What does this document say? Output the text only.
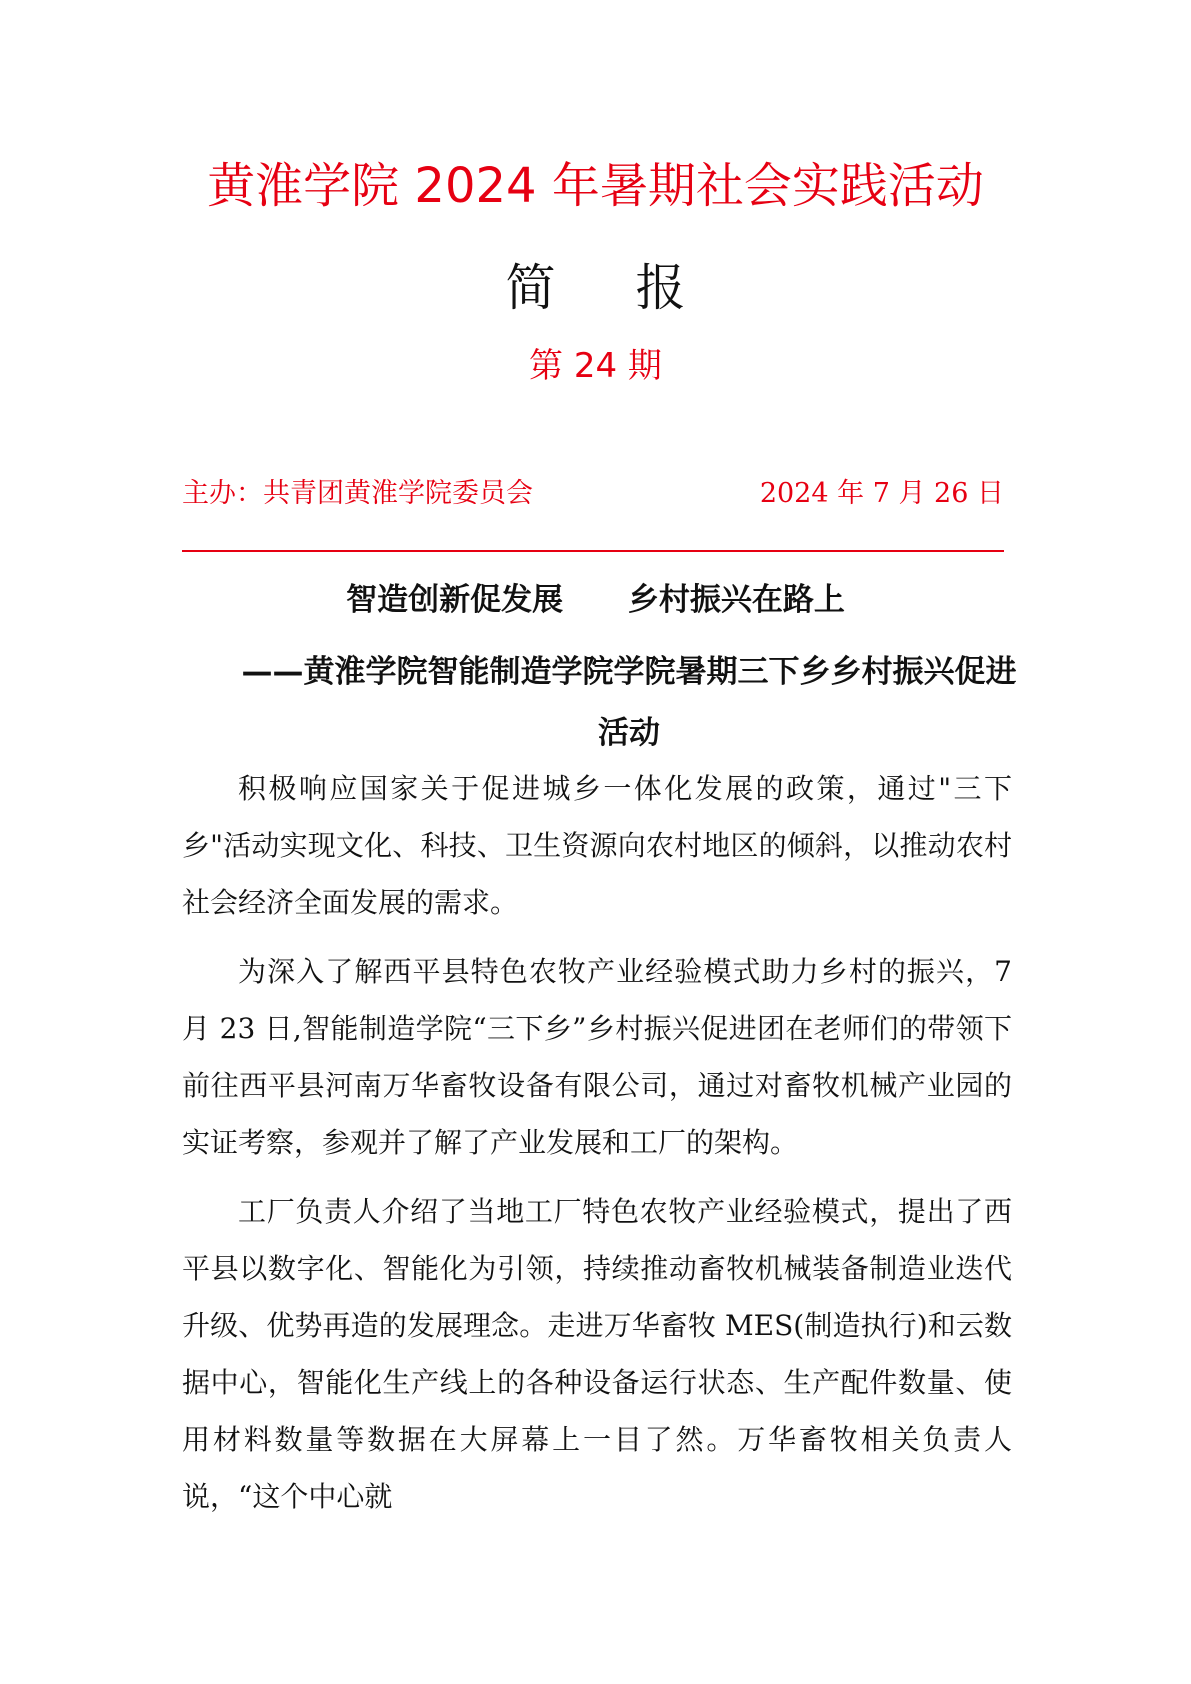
黄淮学院 2024 年暑期社会实践活动
简报
第 24 期
主办：共青团黄淮学院委员会	2024 年 7 月 26 日
智造创新促发展      乡村振兴在路上
——黄淮学院智能制造学院学院暑期三下乡乡村振兴促进活动

积极响应国家关于促进城乡一体化发展的政策，通过"三下乡"活动实现文化、科技、卫生资源向农村地区的倾斜，以推动农村社会经济全面发展的需求。

为深入了解西平县特色农牧产业经验模式助力乡村的振兴，7 月 23 日,智能制造学院“三下乡”乡村振兴促进团在老师们的带领下前往西平县河南万华畜牧设备有限公司，通过对畜牧机械产业园的实证考察，参观并了解了产业发展和工厂的架构。

工厂负责人介绍了当地工厂特色农牧产业经验模式，提出了西平县以数字化、智能化为引领，持续推动畜牧机械装备制造业迭代升级、优势再造的发展理念。走进万华畜牧 MES(制造执行)和云数据中心，智能化生产线上的各种设备运行状态、生产配件数量、使用材料数量等数据在大屏幕上一目了然。万华畜牧相关负责人说，“这个中心就
